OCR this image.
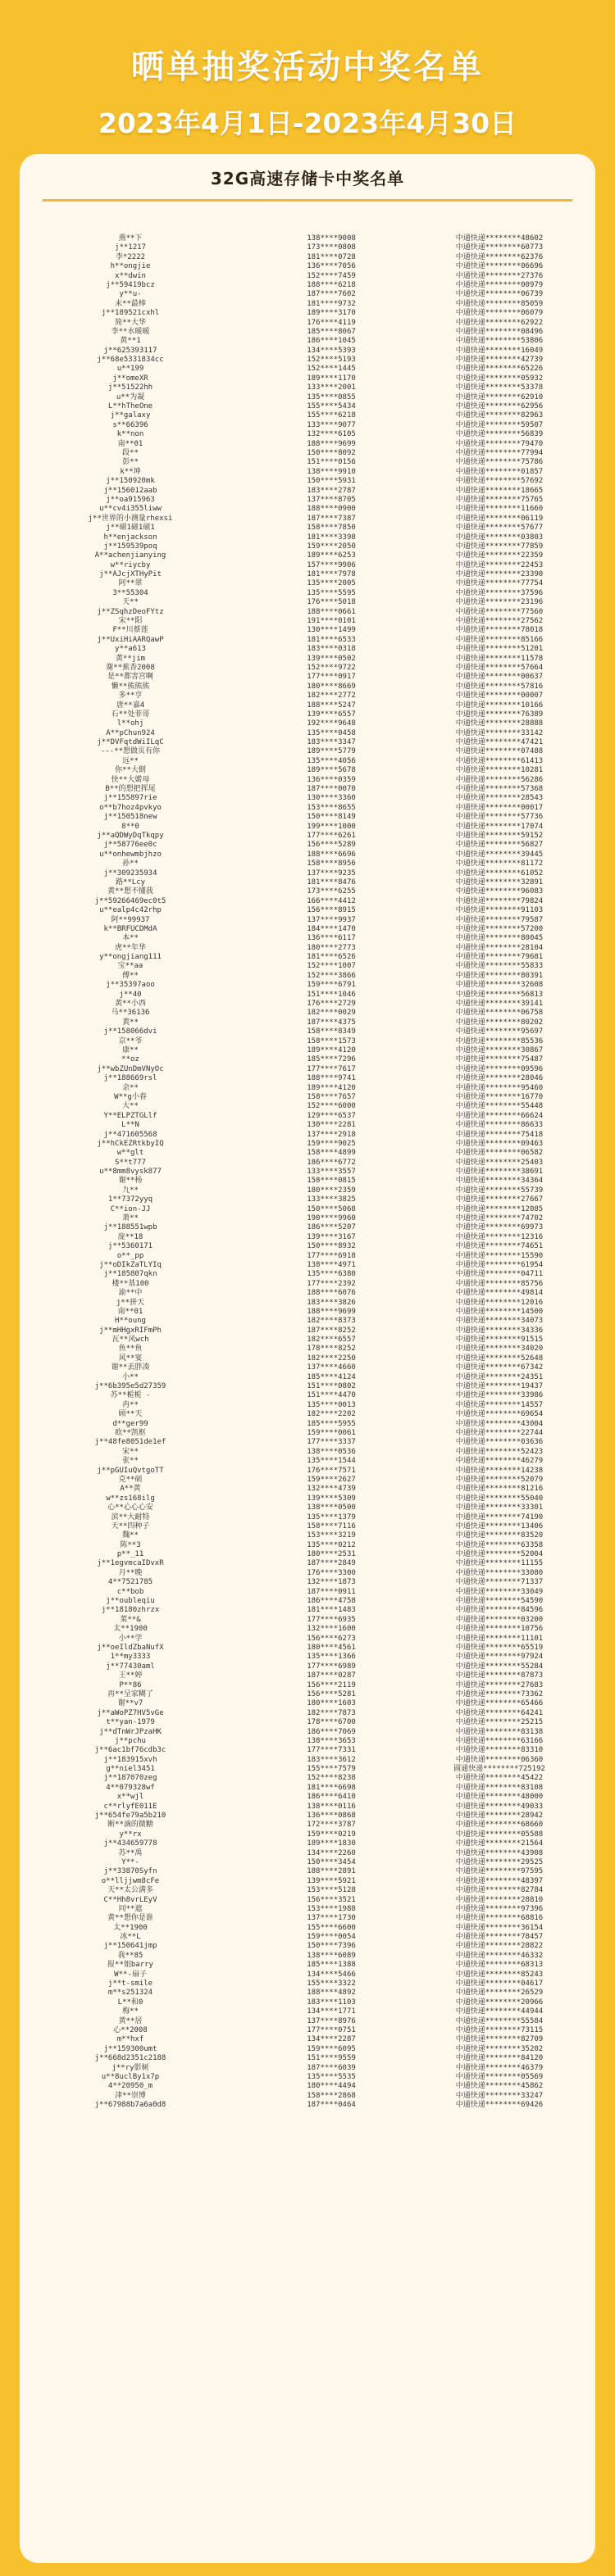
晒单抽奖活动中奖名单
2023年4月1日-2023年4月30日
32G高速存储卡中奖名单
燕**下	138****9008	中通快递********48602
j**1217	173****0808	中通快递********60773
李*2222	181****0728	中通快递********62376
h**ongjie	136****7056	中通快递********06696
x**dwin	152****7459	中通快递********27376
j**59419bcz	188****6218	中通快递********00979
y**u-	187****7602	中通快递********06739
未**最棒	181****9732	中通快递********85059
j**189521cxhl	189****3170	中通快递********06079
简**大华	176****4119	中通快递********62922
李**水暖暖	185****8067	中通快递********08496
黄**1	186****1045	中通快递********53806
j**625393117	134****5393	中通快递********16049
j**68e5331834cc	152****5193	中通快递********42739
u**199	152****1445	中通快递********65226
j**omeXR	189****1170	中通快递********05932
j**51522hh	133****2001	中通快递********53378
u**为凝	135****0855	中通快递********62910
L**hTheOne	155****5434	中通快递********62956
j**galaxy	155****6218	中通快递********82963
s**66396	133****9077	中通快递********59507
k**non	132****6105	中通快递********56839
南**01	188****9699	中通快递********79470
段**	150****8092	中通快递********77994
彭**	151****0156	中通快递********75786
k**坤	138****9910	中通快递********01857
j**150920mk	150****5931	中通快递********57692
j**156012aab	183****2787	中通快递********18665
j**oa915963	137****8705	中通快递********75765
u**cv4i355liww	188****0900	中通快递********11660
j**世界的小测量rhexsi	187****7387	中通快递********06119
j**磁1磁1磁1	158****7850	中通快递********57677
h**enjackson	181****3398	中通快递********03803
j**159539poq	159****2050	中通快递********77859
A**achenjianying	189****6253	中通快递********22359
w**riycby	157****9906	中通快递********22453
j**AJcjXTHyPit	181****7978	中通快递********23390
阿**翠	135****2005	中通快递********77754
3**55304	135****5595	中通快递********37596
天**	176****5018	中通快递********23196
j**ZSqhzDeoFYtz	188****0661	中通快递********77560
宋**阳	191****0101	中通快递********27562
F**川蔡莲	130****1499	中通快递********78018
j**UxiHiAARQawP	181****6533	中通快递********85166
y**a613	183****0318	中通快递********51201
黄**jim	139****0502	中通快递********11578
谢**蕉香2008	152****9722	中通快递********57664
是**都害宫啊	177****0917	中通快递********00637
懒**熊熊熊	180****8669	中通快递********57816
多**亨	182****2772	中通快递********00007
唐**嘉4	188****5247	中通快递********10166
石**处菲哥	139****6557	中通快递********76389
l**ohj	192****9648	中通快递********28888
A**pChun924	135****0458	中通快递********33142
j**DVFqtdWiILqC	183****3347	中通快递********47421
---**想做页有你	189****5779	中通快递********07488
远**	135****4056	中通快递********61413
你**大倒	189****5678	中通快递********10281
快**大婼母	136****0359	中通快递********56286
B**的想把挥尾	187****0070	中通快递********57368
j**155897rie	130****3360	中通快递********28543
o**b7hoz4pvkyo	153****8655	中通快递********00017
j**150518new	150****8149	中通快递********57736
8**0	199****1000	中通快递********17074
j**aQDWyDqTkqpy	177****6261	中通快递********59152
j**58776ee0c	156****5289	中通快递********56827
u**onhewmbjhzo	188****6696	中通快递********39445
孙**	158****8956	中通快递********81172
j**309235934	137****9235	中通快递********61052
路**Lcy	181****8476	中通快递********32891
黄**想不懂我	173****6255	中通快递********96083
j**59266469ec0t5	166****4412	中通快递********79824
u**ealp4c42rhp	156****8915	中通快递********91103
阿**99937	137****9937	中通快递********79587
k**BRFUCDMdA	184****1470	中通快递********57200
本**	136****6117	中通快递********80045
虎**年华	180****2773	中通快递********28104
y**ongjiang111	181****6526	中通快递********79681
宝**aa	152****1007	中通快递********55833
傅**	152****3866	中通快递********80391
j**35397aoo	159****6791	中通快递********32608
j**40	151****1046	中通快递********56813
黄**小西	176****2729	中通快递********39141
马**36136	182****0029	中通快递********06758
黄**	187****4375	中通快递********80202
j**158066dvi	158****8349	中通快递********95697
京**爷	158****1573	中通快递********85536
康**	189****4120	中通快递********30867
**oz	185****7296	中通快递********75487
j**wbZUnDmVNyOc	177****7617	中通快递********09596
j**188669rsl	188****9741	中通快递********28046
余**	189****4120	中通快递********95460
W**g小春	158****7657	中通快递********16770
大**	152****6000	中通快递********55448
Y**ELPZTGLlf	129****6537	中通快递********66624
L**N	130****2281	中通快递********86633
j**471605568	137****2918	中通快递********75418
j**hCkEZRtkbyIQ	159****9025	中通快递********09463
w**glt	158****4899	中通快递********06582
S**t777	186****6772	中通快递********25403
u**8mm8vysk877	133****3557	中通快递********38691
谢**杨	158****0815	中通快递********34364
九**	180****2359	中通快递********55739
1**7372yyq	133****3825	中通快递********27667
C**ion-JJ	150****5068	中通快递********12085
萧**	190****9960	中通快递********74702
j**188551wpb	186****5207	中通快递********69973
庞**18	139****3167	中通快递********12316
j**5360171	150****8932	中通快递********74651
o**_pp	177****6918	中通快递********15590
j**oDIkZaTLYIq	138****4971	中通快递********61954
j**185807qkn	135****6380	中通快递********04711
楼**基100	177****2392	中通快递********85756
渝**中	188****6076	中通快递********49814
j**拼天	183****3826	中通快递********12016
南**01	188****9699	中通快递********14500
H**oung	182****8373	中通快递********34073
j**mHHgxRIFmPh	187****8252	中通快递********34336
瓦**风wch	182****6557	中通快递********91515
鱼**鱼	178****8252	中通快递********34020
风**宴	182****2250	中通快递********52648
谢**丢胖凑	137****4660	中通快递********67342
小**	185****4124	中通快递********24351
j**6b395e5d27359	151****0802	中通快递********19437
苏**栀栀 -	151****4470	中通快递********33986
冉**	135****0013	中通快递********14557
顾**天	182****2202	中通快递********69654
d**ger99	185****5955	中通快递********43004
欧**凯枢	159****0061	中通快递********22744
j**48fe8051de1ef	177****3337	中通快递********03636
宋**	138****0536	中通快递********52423
张**	135****1544	中通快递********46279
j**pGUIuQvtgoTT	176****7571	中通快递********14238
克**硕	159****2627	中通快递********52079
A**黄	132****4739	中通快递********81216
w**zs168ilg	139****5309	中通快递********55040
心**心心心安	138****0500	中通快递********33301
滨**大耐特	135****1379	中通快递********74190
天**四种子	158****7116	中通快递********13406
魏**	153****3219	中通快递********83520
陈**3	135****0212	中通快递********63358
p**_11	180****2531	中通快递********52004
j**1egvmcaIDvxR	187****2849	中通快递********11155
月**晚	176****3300	中通快递********33080
4**7521785	132****1873	中通快递********71337
c**bob	187****0911	中通快递********33049
j**oubleqiu	186****4758	中通快递********54590
j**18180zhrzx	181****1483	中通快递********84596
菜**&	177****6935	中通快递********03200
太**1900	132****1600	中通快递********10756
小**学	156****6273	中通快递********11101
j**oeIldZbaNufX	180****4561	中通快递********65519
1**my3333	135****1366	中通快递********97924
j**77430aml	177****6989	中通快递********55284
王**婷	187****0287	中通快递********87873
P**86	156****2119	中通快递********27683
再**呈家糊了	156****5281	中通快递********73362
谢**v7	180****1603	中通快递********65466
j**aWoPZ7HV5vGe	182****7873	中通快递********64241
t**yan-1979	178****6700	中通快递********25215
j**dTnWrJPzaHK	186****7069	中通快递********83138
j**pchu	138****3653	中通快递********63166
j**6ac1bf76cdb3c	177****7331	中通快递********83310
j**183915xvh	183****3612	中通快递********06360
g**niel3451	155****7579	圆通快递********725192
j**187070zeg	152****8238	中通快递********45422
4**079328wf	181****6698	中通快递********83108
x**wjl	186****6410	中通快递********48000
c**rlyfE011E	138****0116	中通快递********49033
j**654fe79a5b210	136****0868	中通快递********28942
断**滴的微糖	172****3787	中通快递********68660
y**rx	159****0219	中通快递********05588
j**434659778	189****1830	中通快递********21564
苏**禹	134****2260	中通快递********43908
Y**-	150****3454	中通快递********29525
j**33870Syfn	188****2891	中通快递********97595
o**lljjwm8cFe	139****5921	中通快递********48397
天**太公满多	153****5128	中通快递********82784
C**Hh8vrLEyV	156****3521	中通快递********28810
同**遮	153****1988	中通快递********97396
黄**想你是谁	137****1730	中通快递********68816
太**1900	155****6600	中通快递********36154
冰**L	159****0054	中通快递********78457
j**150641jmp	150****7396	中通快递********28822
我**85	138****6089	中通快递********46332
报**姐barry	185****1388	中通快递********68313
W**-扇子	134****5466	中通快递********85243
j**t-smile	155****3322	中通快递********04617
m**s251324	188****4892	中通快递********26529
L**和0	183****1103	中通快递********20966
梅**	134****1771	中通快递********44944
黄**居	137****8976	中通快递********55584
心**2008	177****0751	中通快递********73115
m**hxf	134****2287	中通快递********82709
j**159300umt	159****6095	中通快递********35202
j**668d2351c2188	151****9559	中通快递********84120
j**ry影树	187****6039	中通快递********46379
u**8uclBy1x7p	135****5535	中通快递********05569
4**20950_m	180****4494	中通快递********45862
津**崇博	158****2868	中通快递********33247
j**67988b7a6a0d8	187****0464	中通快递********69426
